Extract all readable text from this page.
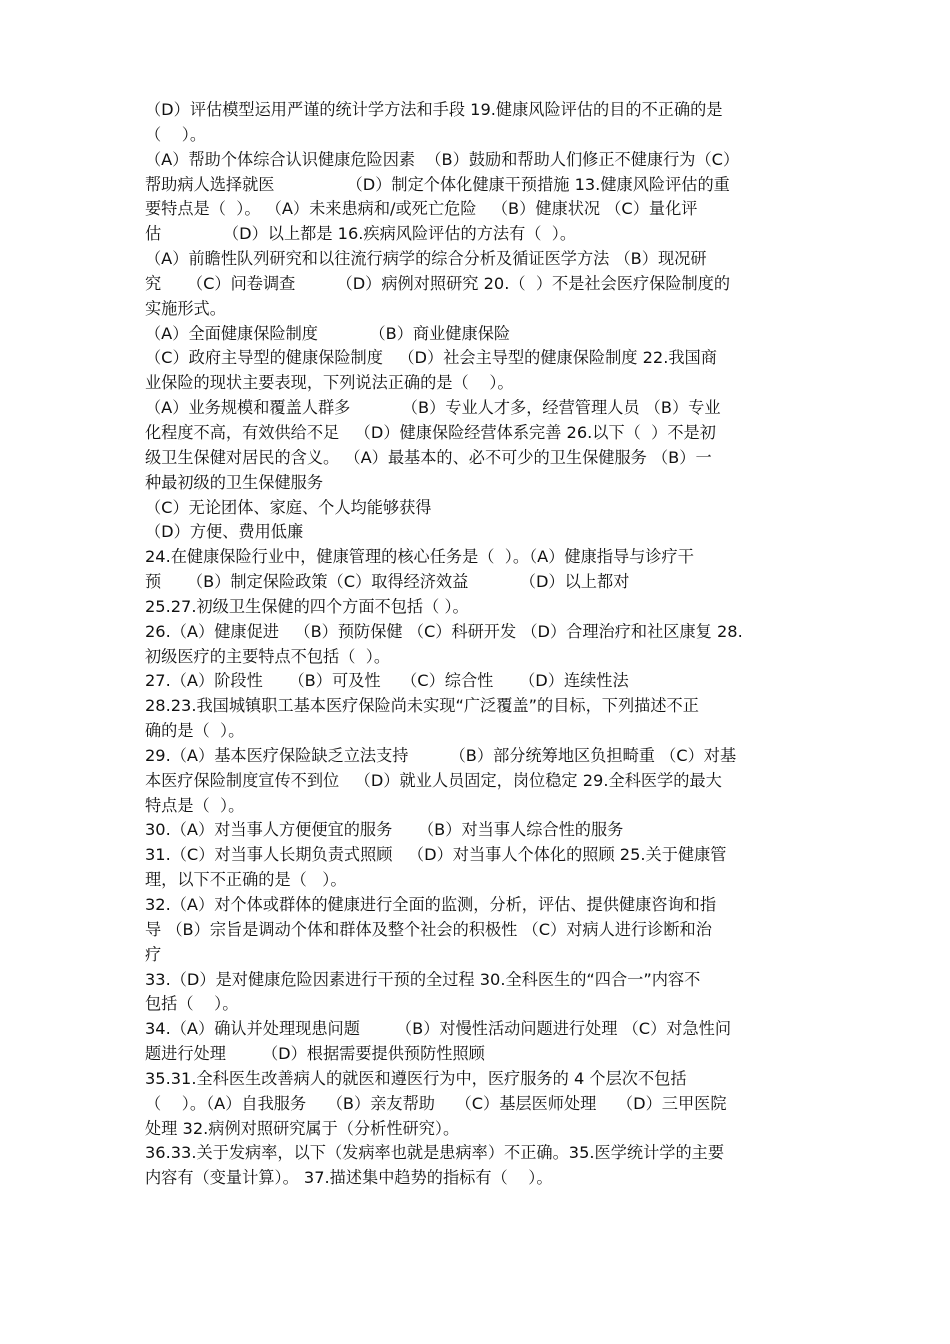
（D）评估模型运用严谨的统计学方法和手段 19.健康风险评估的目的不正确的是
（    ）。
（A）帮助个体综合认识健康危险因素  （B）鼓励和帮助人们修正不健康行为（C）
帮助病人选择就医              （D）制定个体化健康干预措施 13.健康风险评估的重
要特点是（  ）。 （A）未来患病和/或死亡危险   （B）健康状况 （C）量化评
估            （D）以上都是 16.疾病风险评估的方法有（  ）。
（A）前瞻性队列研究和以往流行病学的综合分析及循证医学方法 （B）现况研
究     （C）问卷调查        （D）病例对照研究 20.（  ）不是社会医疗保险制度的
实施形式。
（A）全面健康保险制度          （B）商业健康保险
（C）政府主导型的健康保险制度   （D）社会主导型的健康保险制度 22.我国商
业保险的现状主要表现，下列说法正确的是（    ）。
（A）业务规模和覆盖人群多          （B）专业人才多，经营管理人员 （B）专业
化程度不高，有效供给不足   （D）健康保险经营体系完善 26.以下（  ）不是初
级卫生保健对居民的含义。 （A）最基本的、必不可少的卫生保健服务 （B）一
种最初级的卫生保健服务
（C）无论团体、家庭、个人均能够获得
（D）方便、费用低廉
24.在健康保险行业中，健康管理的核心任务是（  ）。（A）健康指导与诊疗干
预     （B）制定保险政策（C）取得经济效益          （D）以上都对
25.27.初级卫生保健的四个方面不包括（ ）。
26.（A）健康促进   （B）预防保健 （C）科研开发 （D）合理治疗和社区康复 28.
初级医疗的主要特点不包括（  ）。
27.（A）阶段性     （B）可及性    （C）综合性     （D）连续性法
28.23.我国城镇职工基本医疗保险尚未实现“广泛覆盖”的目标，下列描述不正
确的是（  ）。
29.（A）基本医疗保险缺乏立法支持        （B）部分统筹地区负担畸重 （C）对基
本医疗保险制度宣传不到位   （D）就业人员固定，岗位稳定 29.全科医学的最大
特点是（  ）。
30.（A）对当事人方便便宜的服务     （B）对当事人综合性的服务
31.（C）对当事人长期负责式照顾   （D）对当事人个体化的照顾 25.关于健康管
理，以下不正确的是（   ）。
32.（A）对个体或群体的健康进行全面的监测，分析，评估、提供健康咨询和指
导 （B）宗旨是调动个体和群体及整个社会的积极性 （C）对病人进行诊断和治
疗
33.（D）是对健康危险因素进行干预的全过程 30.全科医生的“四合一”内容不
包括（    ）。
34.（A）确认并处理现患问题       （B）对慢性活动问题进行处理 （C）对急性问
题进行处理       （D）根据需要提供预防性照顾
35.31.全科医生改善病人的就医和遵医行为中，医疗服务的 4 个层次不包括
（    ）。（A）自我服务    （B）亲友帮助    （C）基层医师处理    （D）三甲医院
处理 32.病例对照研究属于（分析性研究）。
36.33.关于发病率，以下（发病率也就是患病率）不正确。35.医学统计学的主要
内容有（变量计算）。 37.描述集中趋势的指标有（    ）。
